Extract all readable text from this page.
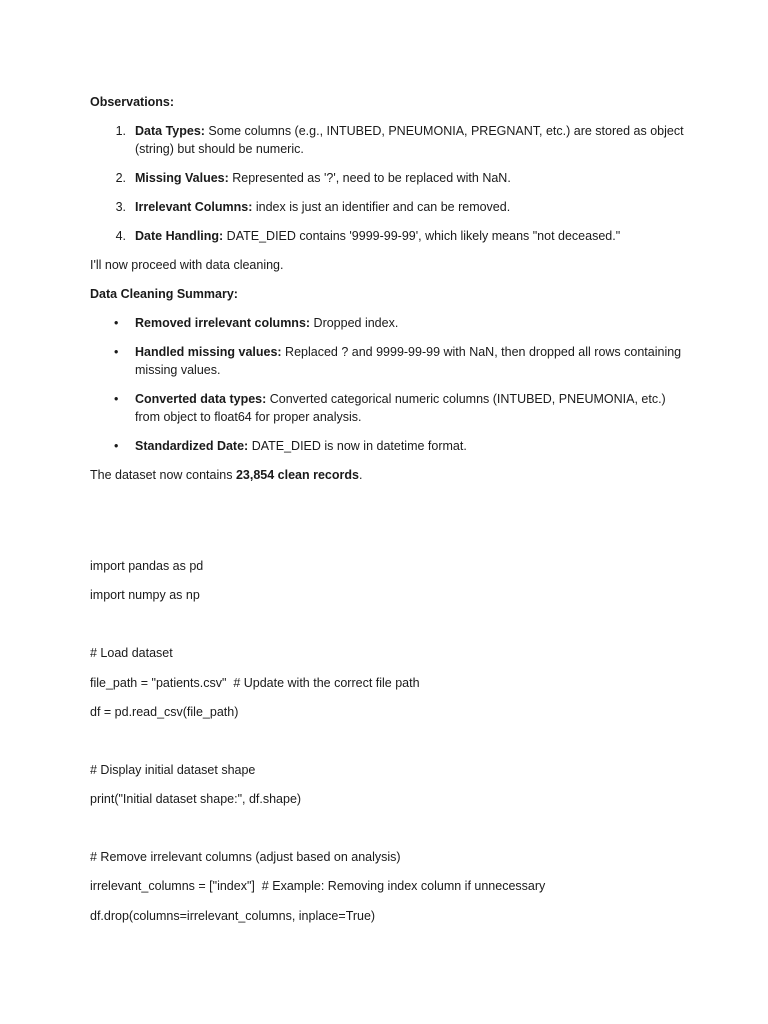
Observations:

1. Data Types: Some columns (e.g., INTUBED, PNEUMONIA, PREGNANT, etc.) are stored as object (string) but should be numeric.
2. Missing Values: Represented as '?', need to be replaced with NaN.
3. Irrelevant Columns: index is just an identifier and can be removed.
4. Date Handling: DATE_DIED contains '9999-99-99', which likely means "not deceased."

I'll now proceed with data cleaning.

Data Cleaning Summary:

• Removed irrelevant columns: Dropped index.
• Handled missing values: Replaced ? and 9999-99-99 with NaN, then dropped all rows containing missing values.
• Converted data types: Converted categorical numeric columns (INTUBED, PNEUMONIA, etc.) from object to float64 for proper analysis.
• Standardized Date: DATE_DIED is now in datetime format.

The dataset now contains 23,854 clean records.

import pandas as pd

import numpy as np

# Load dataset

file_path = "patients.csv"  # Update with the correct file path

df = pd.read_csv(file_path)

# Display initial dataset shape

print("Initial dataset shape:", df.shape)

# Remove irrelevant columns (adjust based on analysis)

irrelevant_columns = ["index"]  # Example: Removing index column if unnecessary

df.drop(columns=irrelevant_columns, inplace=True)
